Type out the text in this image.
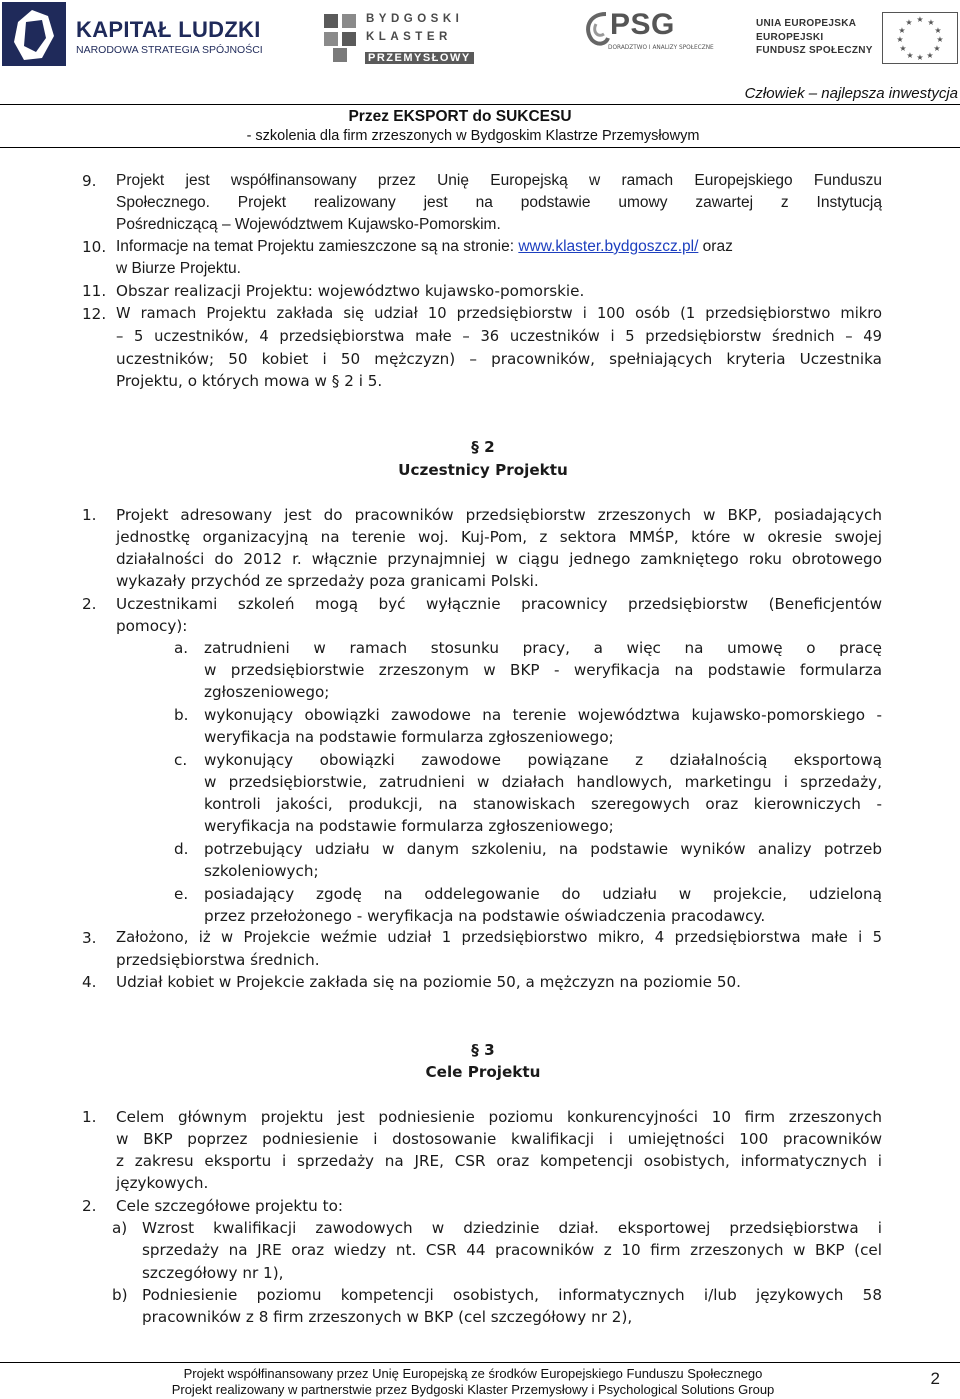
KAPITAŁ LUDZKI
NARODOWA STRATEGIA SPÓJNOŚCI
BYDGOSKI
KLASTER
PRZEMYSŁOWY
PSG
DORADZTWO I ANALIZY SPOŁECZNE
UNIA EUROPEJSKA
EUROPEJSKI
FUNDUSZ SPOŁECZNY
★ ★
★
★
★
★
★
★
★
★
★
★
Człowiek – najlepsza inwestycja
Przez EKSPORT do SUKCESU
- szkolenia dla firm zrzeszonych w Bydgoskim Klastrze Przemysłowym
9. Projekt jest współfinansowany przez Unię Europejską w ramach Europejskiego Funduszu
Społecznego. Projekt realizowany jest na podstawie umowy zawartej z Instytucją
Pośredniczącą – Województwem Kujawsko-Pomorskim.
10. Informacje na temat Projektu zamieszczone są na stronie: www.klaster.bydgoszcz.pl/ oraz
w Biurze Projektu.
11. Obszar realizacji Projektu: województwo kujawsko-pomorskie.
12. W ramach Projektu zakłada się udział 10 przedsiębiorstw i 100 osób (1 przedsiębiorstwo mikro
– 5 uczestników, 4 przedsiębiorstwa małe – 36 uczestników i 5 przedsiębiorstw średnich – 49
uczestników; 50 kobiet i 50 mężczyzn) – pracowników, spełniających kryteria Uczestnika
Projektu, o których mowa w § 2 i 5.
§ 2
Uczestnicy Projektu
1. Projekt adresowany jest do pracowników przedsiębiorstw zrzeszonych w BKP, posiadających
jednostkę organizacyjną na terenie woj. Kuj-Pom, z sektora MMŚP, które w okresie swojej
działalności do 2012 r. włącznie przynajmniej w ciągu jednego zamkniętego roku obrotowego
wykazały przychód ze sprzedaży poza granicami Polski.
2. Uczestnikami szkoleń mogą być wyłącznie pracownicy przedsiębiorstw (Beneficjentów
pomocy):
a. zatrudnieni w ramach stosunku pracy, a więc na umowę o pracę
w przedsiębiorstwie zrzeszonym w BKP - weryfikacja na podstawie formularza
zgłoszeniowego;
b. wykonujący obowiązki zawodowe na terenie województwa kujawsko-pomorskiego -
weryfikacja na podstawie formularza zgłoszeniowego;
c. wykonujący obowiązki zawodowe powiązane z działalnością eksportową
w przedsiębiorstwie, zatrudnieni w działach handlowych, marketingu i sprzedaży,
kontroli jakości, produkcji, na stanowiskach szeregowych oraz kierowniczych -
weryfikacja na podstawie formularza zgłoszeniowego;
d. potrzebujący udziału w danym szkoleniu, na podstawie wyników analizy potrzeb
szkoleniowych;
e. posiadający zgodę na oddelegowanie do udziału w projekcie, udzieloną
przez przełożonego - weryfikacja na podstawie oświadczenia pracodawcy.
3. Założono, iż w Projekcie weźmie udział 1 przedsiębiorstwo mikro, 4 przedsiębiorstwa małe i 5
przedsiębiorstwa średnich.
4. Udział kobiet w Projekcie zakłada się na poziomie 50, a mężczyzn na poziomie 50.
§ 3
Cele Projektu
1. Celem głównym projektu jest podniesienie poziomu konkurencyjności 10 firm zrzeszonych
w BKP poprzez podniesienie i dostosowanie kwalifikacji i umiejętności 100 pracowników
z zakresu eksportu i sprzedaży na JRE, CSR oraz kompetencji osobistych, informatycznych i
językowych.
2. Cele szczegółowe projektu to:
a) Wzrost kwalifikacji zawodowych w dziedzinie dział. eksportowej przedsiębiorstwa i
sprzedaży na JRE oraz wiedzy nt. CSR 44 pracowników z 10 firm zrzeszonych w BKP (cel
szczegółowy nr 1),
b) Podniesienie poziomu kompetencji osobistych, informatycznych i/lub językowych 58
pracowników z 8 firm zrzeszonych w BKP (cel szczegółowy nr 2),
Projekt współfinansowany przez Unię Europejską ze środków Europejskiego Funduszu Społecznego
Projekt realizowany w partnerstwie przez Bydgoski Klaster Przemysłowy i Psychological Solutions Group
2
